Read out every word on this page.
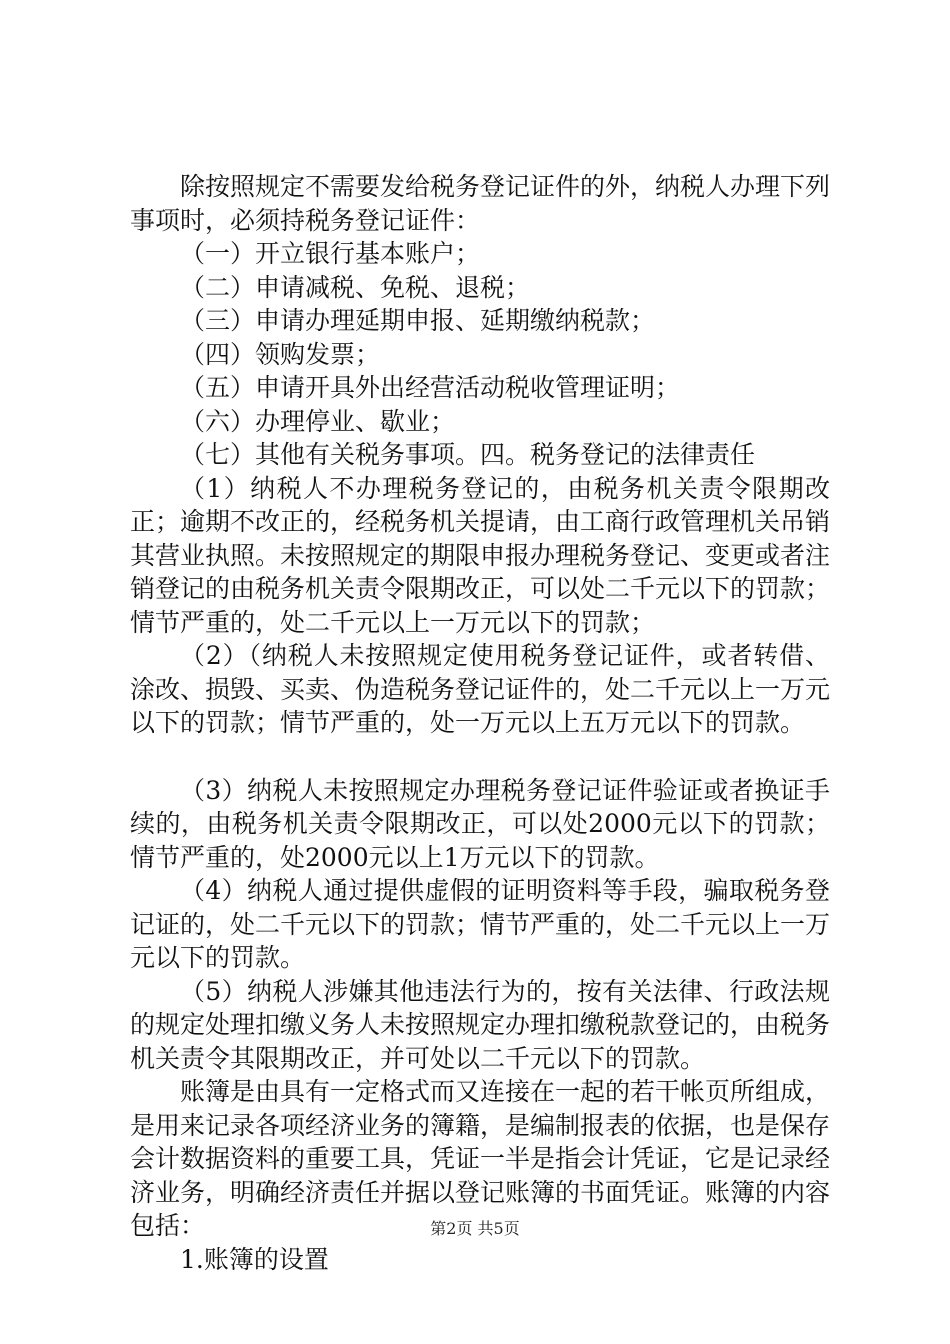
除按照规定不需要发给税务登记证件的外，纳税人办理下列事项时，必须持税务登记证件：

（一）开立银行基本账户；

（二）申请减税、免税、退税；

（三）申请办理延期申报、延期缴纳税款；

（四）领购发票；

（五）申请开具外出经营活动税收管理证明；

（六）办理停业、歇业；

（七）其他有关税务事项。四。税务登记的法律责任

（1）纳税人不办理税务登记的，由税务机关责令限期改正；逾期不改正的，经税务机关提请，由工商行政管理机关吊销其营业执照。未按照规定的期限申报办理税务登记、变更或者注销登记的由税务机关责令限期改正，可以处二千元以下的罚款；情节严重的，处二千元以上一万元以下的罚款；

（2）（纳税人未按照规定使用税务登记证件，或者转借、涂改、损毁、买卖、伪造税务登记证件的，处二千元以上一万元以下的罚款；情节严重的，处一万元以上五万元以下的罚款。

（3）纳税人未按照规定办理税务登记证件验证或者换证手续的，由税务机关责令限期改正，可以处2000元以下的罚款；情节严重的，处2000元以上1万元以下的罚款。

（4）纳税人通过提供虚假的证明资料等手段，骗取税务登记证的，处二千元以下的罚款；情节严重的，处二千元以上一万元以下的罚款。

（5）纳税人涉嫌其他违法行为的，按有关法律、行政法规的规定处理扣缴义务人未按照规定办理扣缴税款登记的，由税务机关责令其限期改正，并可处以二千元以下的罚款。

账簿是由具有一定格式而又连接在一起的若干帐页所组成，是用来记录各项经济业务的簿籍，是编制报表的依据，也是保存会计数据资料的重要工具，凭证一半是指会计凭证，它是记录经济业务，明确经济责任并据以登记账簿的书面凭证。账簿的内容包括：

1.账簿的设置

第2页 共5页
